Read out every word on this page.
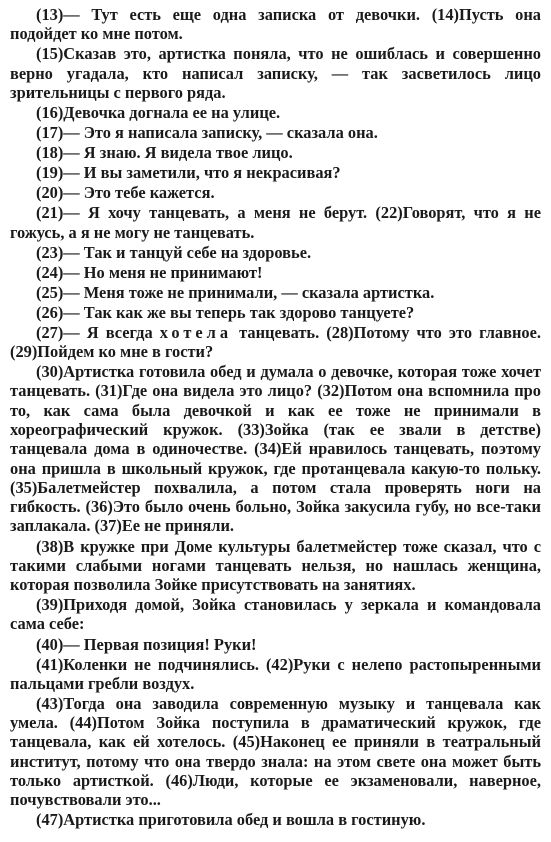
(13)— Тут есть еще одна записка от девочки. (14)Пусть она подойдет ко мне потом.

(15)Сказав это, артистка поняла, что не ошиблась и совершенно верно угадала, кто написал записку, — так засветилось лицо зрительницы с первого ряда.

(16)Девочка догнала ее на улице.

(17)— Это я написала записку, — сказала она.

(18)— Я знаю. Я видела твое лицо.

(19)— И вы заметили, что я некрасивая?

(20)— Это тебе кажется.

(21)— Я хочу танцевать, а меня не берут. (22)Говорят, что я не гожусь, а я не могу не танцевать.

(23)— Так и танцуй себе на здоровье.

(24)— Но меня не принимают!

(25)— Меня тоже не принимали, — сказала артистка.

(26)— Так как же вы теперь так здорово танцуете?

(27)— Я всегда хотела танцевать. (28)Потому что это главное. (29)Пойдем ко мне в гости?

(30)Артистка готовила обед и думала о девочке, которая тоже хочет танцевать. (31)Где она видела это лицо? (32)Потом она вспомнила про то, как сама была девочкой и как ее тоже не принимали в хореографический кружок. (33)Зойка (так ее звали в детстве) танцевала дома в одиночестве. (34)Ей нравилось танцевать, поэтому она пришла в школьный кружок, где протанцевала какую-то польку. (35)Балетмейстер похвалила, а потом стала проверять ноги на гибкость. (36)Это было очень больно, Зойка закусила губу, но все-таки заплакала. (37)Ее не приняли.

(38)В кружке при Доме культуры балетмейстер тоже сказал, что с такими слабыми ногами танцевать нельзя, но нашлась женщина, которая позволила Зойке присутствовать на занятиях.

(39)Приходя домой, Зойка становилась у зеркала и командовала сама себе:

(40)— Первая позиция! Руки!

(41)Коленки не подчинялись. (42)Руки с нелепо растопыренными пальцами гребли воздух.

(43)Тогда она заводила современную музыку и танцевала как умела. (44)Потом Зойка поступила в драматический кружок, где танцевала, как ей хотелось. (45)Наконец ее приняли в театральный институт, потому что она твердо знала: на этом свете она может быть только артисткой. (46)Люди, которые ее экзаменовали, наверное, почувствовали это...

(47)Артистка приготовила обед и вошла в гостиную.
